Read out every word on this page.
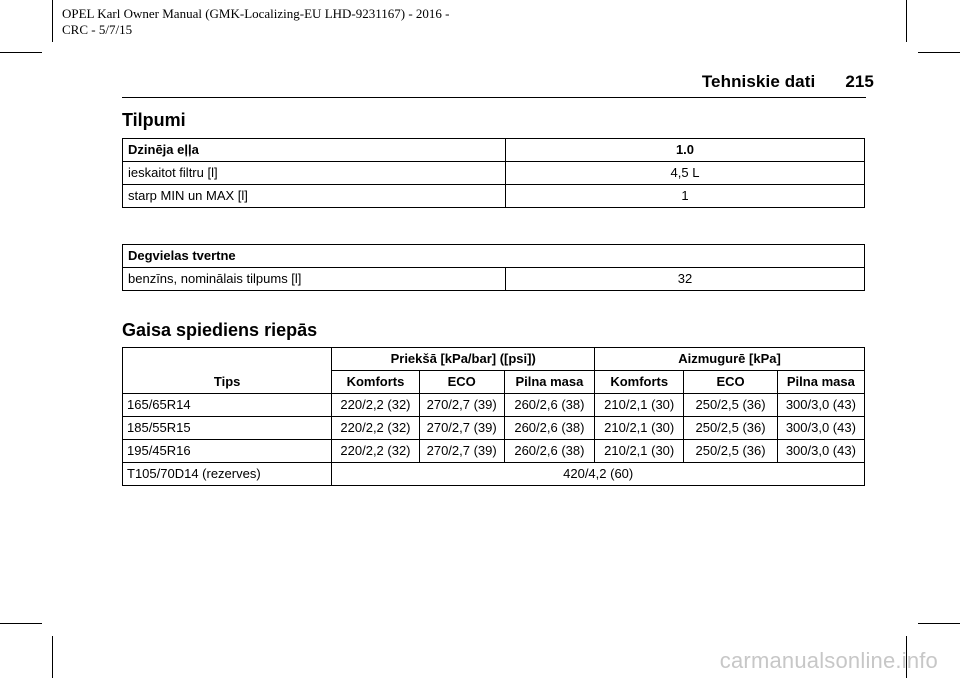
OPEL Karl Owner Manual (GMK-Localizing-EU LHD-9231167) - 2016 -
CRC - 5/7/15
Tehniskie dati 215
Tilpumi
Dzinēja eļļa	1.0
ieskaitot filtru [l]	4,5 L
starp MIN un MAX [l]	1
Degvielas tvertne
benzīns, nominālais tilpums [l]	32
Gaisa spiediens riepās
Tips	Priekšā [kPa/bar] ([psi])			Aizmugurē [kPa]		
	Komforts	ECO	Pilna masa	Komforts	ECO	Pilna masa
165/65R14	220/2,2 (32)	270/2,7 (39)	260/2,6 (38)	210/2,1 (30)	250/2,5 (36)	300/3,0 (43)
185/55R15	220/2,2 (32)	270/2,7 (39)	260/2,6 (38)	210/2,1 (30)	250/2,5 (36)	300/3,0 (43)
195/45R16	220/2,2 (32)	270/2,7 (39)	260/2,6 (38)	210/2,1 (30)	250/2,5 (36)	300/3,0 (43)
T105/70D14 (rezerves)	420/4,2 (60)					
carmanualsonline.info
